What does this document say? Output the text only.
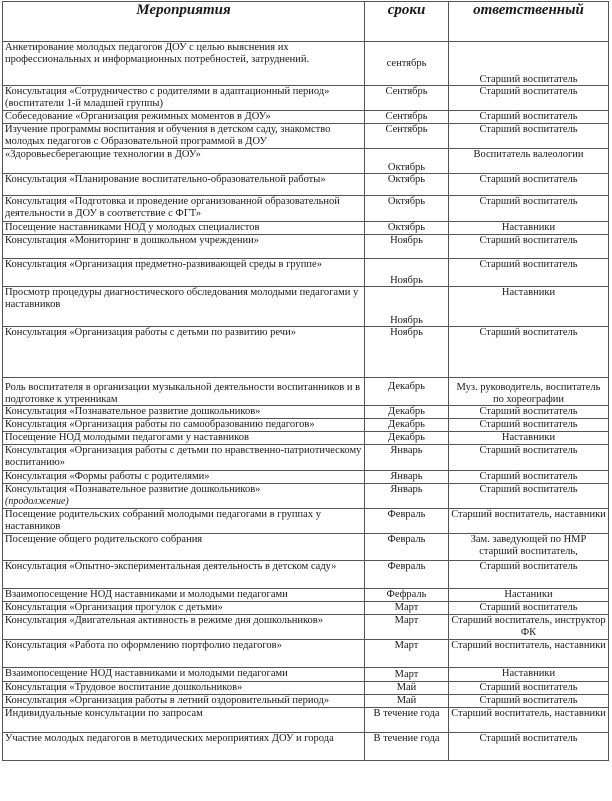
Мероприятия	сроки	ответственный
Анкетирование молодых педагогов ДОУ с целью выяснения их профессиональных и информационных потребностей, затруднений.	сентябрь	Старший воспитатель
Консультация «Сотрудничество с родителями в адаптационный период» (воспитатели 1-й младшей группы)	Сентябрь	Старший воспитатель
Собеседование «Организация режимных моментов в ДОУ»	Сентябрь	Старший воспитатель
Изучение программы воспитания и обучения в детском саду, знакомство молодых педагогов с Образовательной программой в ДОУ	Сентябрь	Старший воспитатель
«Здоровьесберегающие технологии в ДОУ»	Октябрь	Воспитатель валеологии
Консультация «Планирование воспитательно-образовательной работы»	Октябрь	Старший воспитатель
Консультация «Подготовка и проведение организованной образовательной деятельности в ДОУ в соответствие с ФГТ»	Октябрь	Старший воспитатель
Посещение наставниками НОД у молодых специалистов	Октябрь	Наставники
Консультация «Мониторинг в дошкольном учреждении»	Ноябрь	Старший воспитатель
Консультация «Организация предметно-развивающей среды в группе»	Ноябрь	Старший воспитатель
Просмотр процедуры диагностического обследования молодыми педагогами у наставников	Ноябрь	Наставники
Консультация «Организация работы с детьми по развитию речи»	Ноябрь	Старший воспитатель
Роль воспитателя в организации музыкальной деятельности воспитанников и в подготовке к утренникам	Декабрь	Муз. руководитель, воспитатель по хореографии
Консультация «Познавательное развитие дошкольников»	Декабрь	Старший воспитатель
Консультация «Организация работы по самообразованию педагогов»	Декабрь	Старший воспитатель
Посещение НОД молодыми педагогами у наставников	Декабрь	Наставники
Консультация «Организация работы с детьми по нравственно-патриотическому воспитанию»	Январь	Старший воспитатель
Консультация «Формы работы с родителями»	Январь	Старший воспитатель
Консультация «Познавательное развитие дошкольников»
(продолжение)	Январь	Старший воспитатель
Посещение родительских собраний молодыми педагогами в группах у наставников	Февраль	Старший воспитатель, наставники
Посещение общего родительского собрания	Февраль	Зам. заведующей по НМР старший воспитатель,
Консультация «Опытно-экспериментальная деятельность в детском саду»	Февраль	Старший воспитатель
Взаимопосещение НОД наставниками и молодыми педагогами	Фефраль	Настаники
Консультация «Организация прогулок с детьми»	Март	Старший воспитатель
Консультация «Двигательная активность в режиме дня дошкольников»	Март	Старший воспитатель, инструктор ФК
Консультация «Работа по оформлению портфолио педагогов»	Март	Старший воспитатель, наставники
Взаимопосещение НОД наставниками и молодыми педагогами	Март	Наставники
Консультация «Трудовое воспитание дошкольников»	Май	Старший воспитатель
Консультация «Организация работы в летний оздоровительный период»	Май	Старший воспитатель
Индивидуальные консультации по запросам	В течение года	Старший воспитатель, наставники
Участие молодых педагогов в методических мероприятиях ДОУ и города	В течение года	Старший воспитатель
